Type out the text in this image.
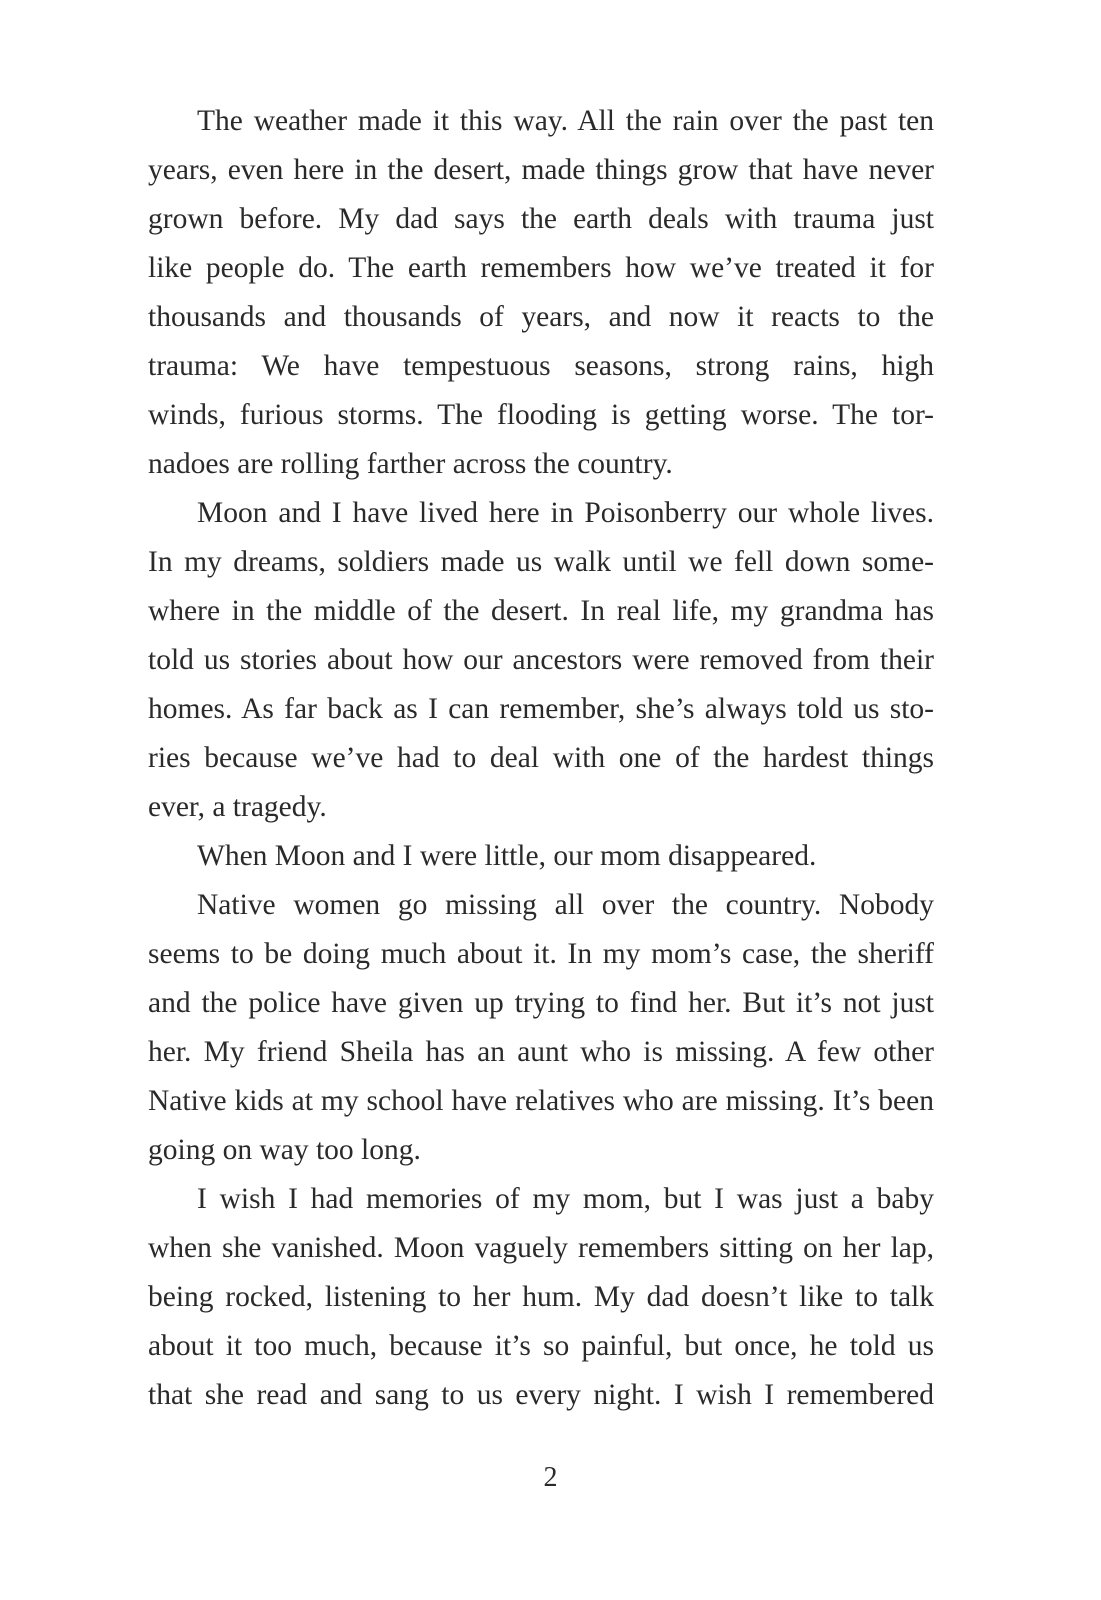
The weather made it this way. All the rain over the past ten
years, even here in the desert, made things grow that have never
grown before. My dad says the earth deals with trauma just
like people do. The earth remembers how we’ve treated it for
thousands and thousands of years, and now it reacts to the
trauma: We have tempestuous seasons, strong rains, high
winds, furious storms. The flooding is getting worse. The tor-
nadoes are rolling farther across the country.
Moon and I have lived here in Poisonberry our whole lives.
In my dreams, soldiers made us walk until we fell down some-
where in the middle of the desert. In real life, my grandma has
told us stories about how our ancestors were removed from their
homes. As far back as I can remember, she’s always told us sto-
ries because we’ve had to deal with one of the hardest things
ever, a tragedy.
When Moon and I were little, our mom disappeared.
Native women go missing all over the country. Nobody
seems to be doing much about it. In my mom’s case, the sheriff
and the police have given up trying to find her. But it’s not just
her. My friend Sheila has an aunt who is missing. A few other
Native kids at my school have relatives who are missing. It’s been
going on way too long.
I wish I had memories of my mom, but I was just a baby
when she vanished. Moon vaguely remembers sitting on her lap,
being rocked, listening to her hum. My dad doesn’t like to talk
about it too much, because it’s so painful, but once, he told us
that she read and sang to us every night. I wish I remembered
2
